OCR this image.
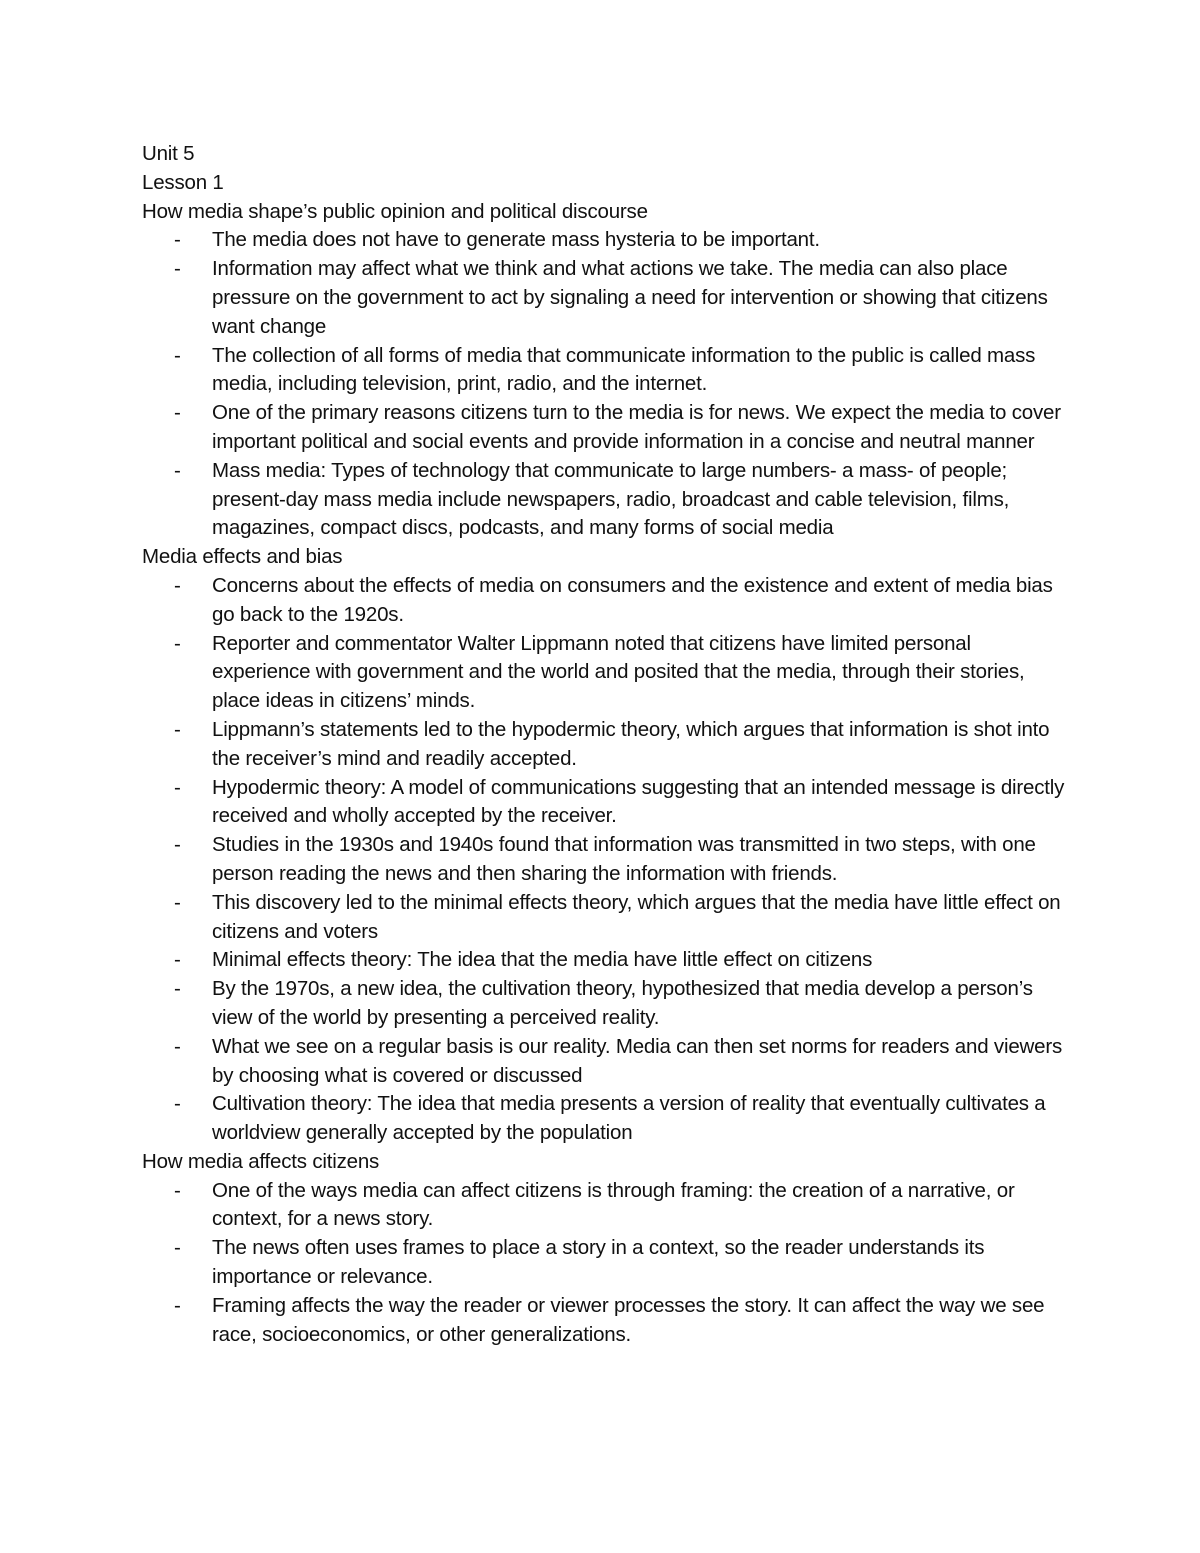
Unit 5

Lesson 1

How media shape’s public opinion and political discourse

- The media does not have to generate mass hysteria to be important.
- Information may affect what we think and what actions we take. The media can also place pressure on the government to act by signaling a need for intervention or showing that citizens want change
- The collection of all forms of media that communicate information to the public is called mass media, including television, print, radio, and the internet.
- One of the primary reasons citizens turn to the media is for news. We expect the media to cover important political and social events and provide information in a concise and neutral manner
- Mass media: Types of technology that communicate to large numbers- a mass- of people; present-day mass media include newspapers, radio, broadcast and cable television, films, magazines, compact discs, podcasts, and many forms of social media

Media effects and bias

- Concerns about the effects of media on consumers and the existence and extent of media bias go back to the 1920s.
- Reporter and commentator Walter Lippmann noted that citizens have limited personal experience with government and the world and posited that the media, through their stories, place ideas in citizens’ minds.
- Lippmann’s statements led to the hypodermic theory, which argues that information is shot into the receiver’s mind and readily accepted.
- Hypodermic theory: A model of communications suggesting that an intended message is directly received and wholly accepted by the receiver.
- Studies in the 1930s and 1940s found that information was transmitted in two steps, with one person reading the news and then sharing the information with friends.
- This discovery led to the minimal effects theory, which argues that the media have little effect on citizens and voters
- Minimal effects theory: The idea that the media have little effect on citizens
- By the 1970s, a new idea, the cultivation theory, hypothesized that media develop a person’s view of the world by presenting a perceived reality.
- What we see on a regular basis is our reality. Media can then set norms for readers and viewers by choosing what is covered or discussed
- Cultivation theory: The idea that media presents a version of reality that eventually cultivates a worldview generally accepted by the population

How media affects citizens

- One of the ways media can affect citizens is through framing: the creation of a narrative, or context, for a news story.
- The news often uses frames to place a story in a context, so the reader understands its importance or relevance.
- Framing affects the way the reader or viewer processes the story. It can affect the way we see race, socioeconomics, or other generalizations.
